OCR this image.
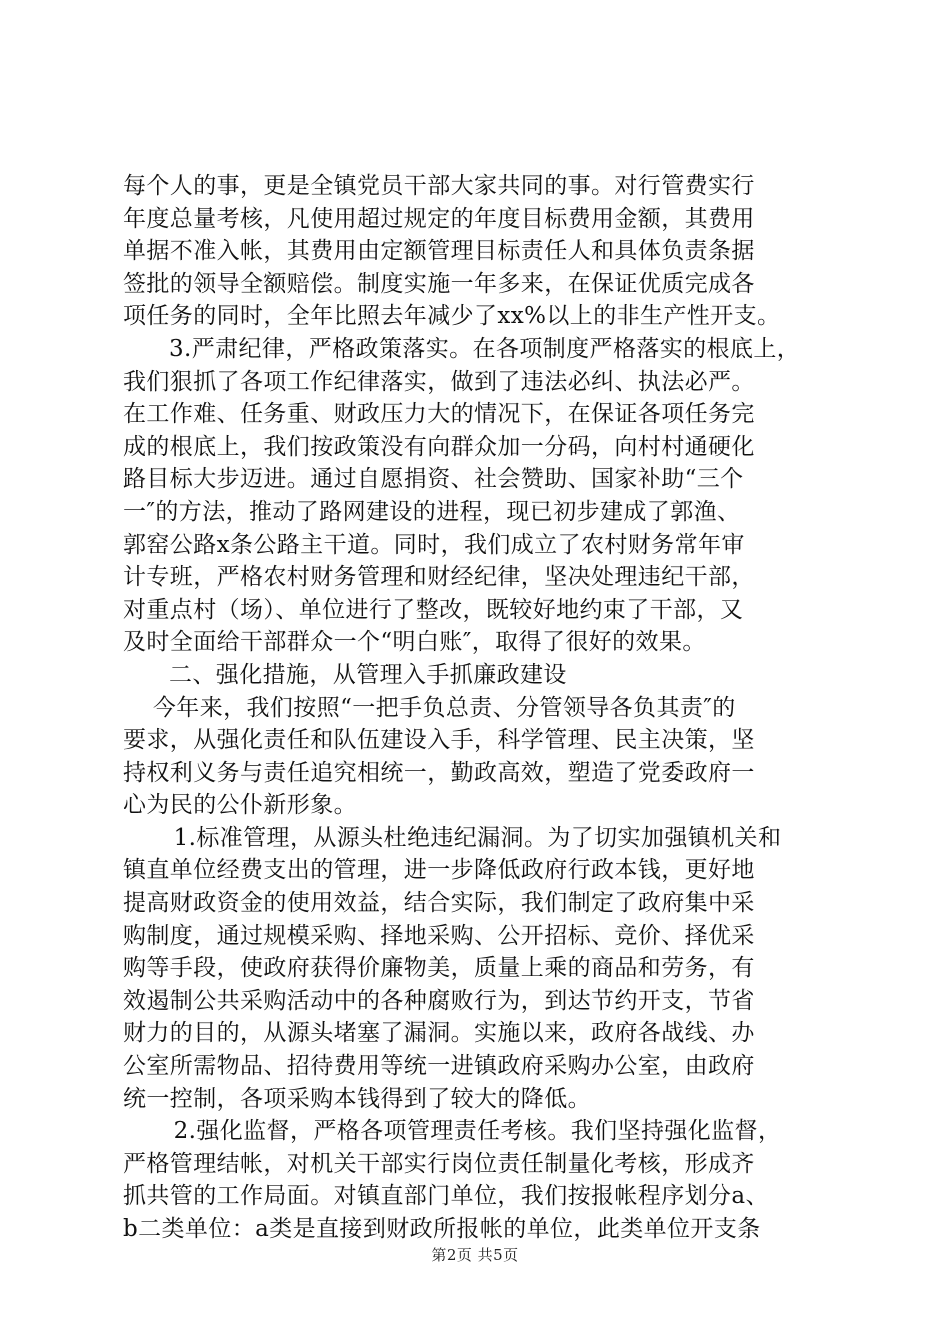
每个人的事，更是全镇党员干部大家共同的事。对行管费实行
年度总量考核，凡使用超过规定的年度目标费用金额，其费用
单据不准入帐，其费用由定额管理目标责任人和具体负责条据
签批的领导全额赔偿。制度实施一年多来，在保证优质完成各
项任务的同时，全年比照去年减少了xx%以上的非生产性开支。
3.严肃纪律，严格政策落实。在各项制度严格落实的根底上，
我们狠抓了各项工作纪律落实，做到了违法必纠、执法必严。
在工作难、任务重、财政压力大的情况下，在保证各项任务完
成的根底上，我们按政策没有向群众加一分码，向村村通硬化
路目标大步迈进。通过自愿捐资、社会赞助、国家补助“三个
一″的方法，推动了路网建设的进程，现已初步建成了郭渔、
郭窑公路x条公路主干道。同时，我们成立了农村财务常年审
计专班，严格农村财务管理和财经纪律，坚决处理违纪干部，
对重点村（场）、单位进行了整改，既较好地约束了干部，又
及时全面给干部群众一个“明白账″，取得了很好的效果。
二、强化措施，从管理入手抓廉政建设
今年来，我们按照“一把手负总责、分管领导各负其责″的
要求，从强化责任和队伍建设入手，科学管理、民主决策，坚
持权利义务与责任追究相统一，勤政高效，塑造了党委政府一
心为民的公仆新形象。
1.标准管理，从源头杜绝违纪漏洞。为了切实加强镇机关和
镇直单位经费支出的管理，进一步降低政府行政本钱，更好地
提高财政资金的使用效益，结合实际，我们制定了政府集中采
购制度，通过规模采购、择地采购、公开招标、竞价、择优采
购等手段，使政府获得价廉物美，质量上乘的商品和劳务，有
效遏制公共采购活动中的各种腐败行为，到达节约开支，节省
财力的目的，从源头堵塞了漏洞。实施以来，政府各战线、办
公室所需物品、招待费用等统一进镇政府采购办公室，由政府
统一控制，各项采购本钱得到了较大的降低。
2.强化监督，严格各项管理责任考核。我们坚持强化监督，
严格管理结帐，对机关干部实行岗位责任制量化考核，形成齐
抓共管的工作局面。对镇直部门单位，我们按报帐程序划分a、
b二类单位：a类是直接到财政所报帐的单位，此类单位开支条
第2页 共5页
